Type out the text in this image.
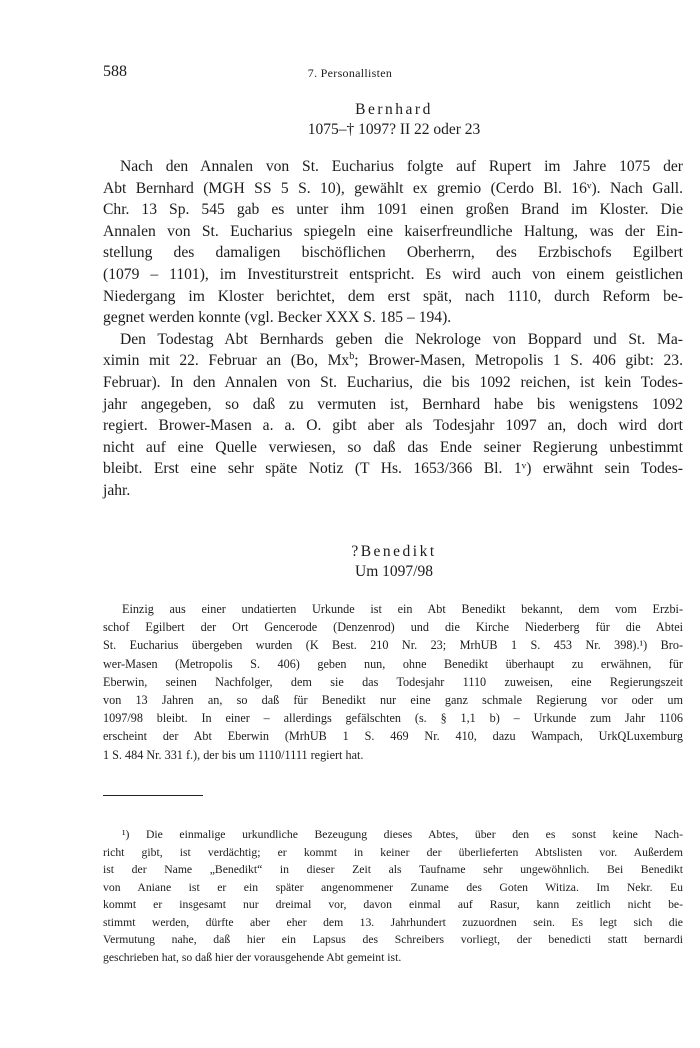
588	7. Personallisten
Bernhard
1075–† 1097? II 22 oder 23
Nach den Annalen von St. Eucharius folgte auf Rupert im Jahre 1075 der
Abt Bernhard (MGH SS 5 S. 10), gewählt ex gremio (Cerdo Bl. 16ᵛ). Nach Gall.
Chr. 13 Sp. 545 gab es unter ihm 1091 einen großen Brand im Kloster. Die
Annalen von St. Eucharius spiegeln eine kaiserfreundliche Haltung, was der Ein-
stellung des damaligen bischöflichen Oberherrn, des Erzbischofs Egilbert
(1079 – 1101), im Investiturstreit entspricht. Es wird auch von einem geistlichen
Niedergang im Kloster berichtet, dem erst spät, nach 1110, durch Reform be-
gegnet werden konnte (vgl. Becker XXX S. 185 – 194).
Den Todestag Abt Bernhards geben die Nekrologe von Boppard und St. Ma-
ximin mit 22. Februar an (Bo, Mx$^b$; Brower-Masen, Metropolis 1 S. 406 gibt: 23.
Februar). In den Annalen von St. Eucharius, die bis 1092 reichen, ist kein Todes-
jahr angegeben, so daß zu vermuten ist, Bernhard habe bis wenigstens 1092
regiert. Brower-Masen a. a. O. gibt aber als Todesjahr 1097 an, doch wird dort
nicht auf eine Quelle verwiesen, so daß das Ende seiner Regierung unbestimmt
bleibt. Erst eine sehr späte Notiz (T Hs. 1653/366 Bl. 1ᵛ) erwähnt sein Todes-
jahr.
?Benedikt
Um 1097/98
Einzig aus einer undatierten Urkunde ist ein Abt Benedikt bekannt, dem vom Erzbi-
schof Egilbert der Ort Gencerode (Denzenrod) und die Kirche Niederberg für die Abtei
St. Eucharius übergeben wurden (K Best. 210 Nr. 23; MrhUB 1 S. 453 Nr. 398).¹) Bro-
wer-Masen (Metropolis S. 406) geben nun, ohne Benedikt überhaupt zu erwähnen, für
Eberwin, seinen Nachfolger, dem sie das Todesjahr 1110 zuweisen, eine Regierungszeit
von 13 Jahren an, so daß für Benedikt nur eine ganz schmale Regierung vor oder um
1097/98 bleibt. In einer – allerdings gefälschten (s. § 1,1 b) – Urkunde zum Jahr 1106
erscheint der Abt Eberwin (MrhUB 1 S. 469 Nr. 410, dazu Wampach, UrkQLuxemburg
1 S. 484 Nr. 331 f.), der bis um 1110/1111 regiert hat.
¹) Die einmalige urkundliche Bezeugung dieses Abtes, über den es sonst keine Nach-
richt gibt, ist verdächtig; er kommt in keiner der überlieferten Abtslisten vor. Außerdem
ist der Name „Benedikt“ in dieser Zeit als Taufname sehr ungewöhnlich. Bei Benedikt
von Aniane ist er ein später angenommener Zuname des Goten Witiza. Im Nekr. Eu
kommt er insgesamt nur dreimal vor, davon einmal auf Rasur, kann zeitlich nicht be-
stimmt werden, dürfte aber eher dem 13. Jahrhundert zuzuordnen sein. Es legt sich die
Vermutung nahe, daß hier ein Lapsus des Schreibers vorliegt, der benedicti statt bernardi
geschrieben hat, so daß hier der vorausgehende Abt gemeint ist.
